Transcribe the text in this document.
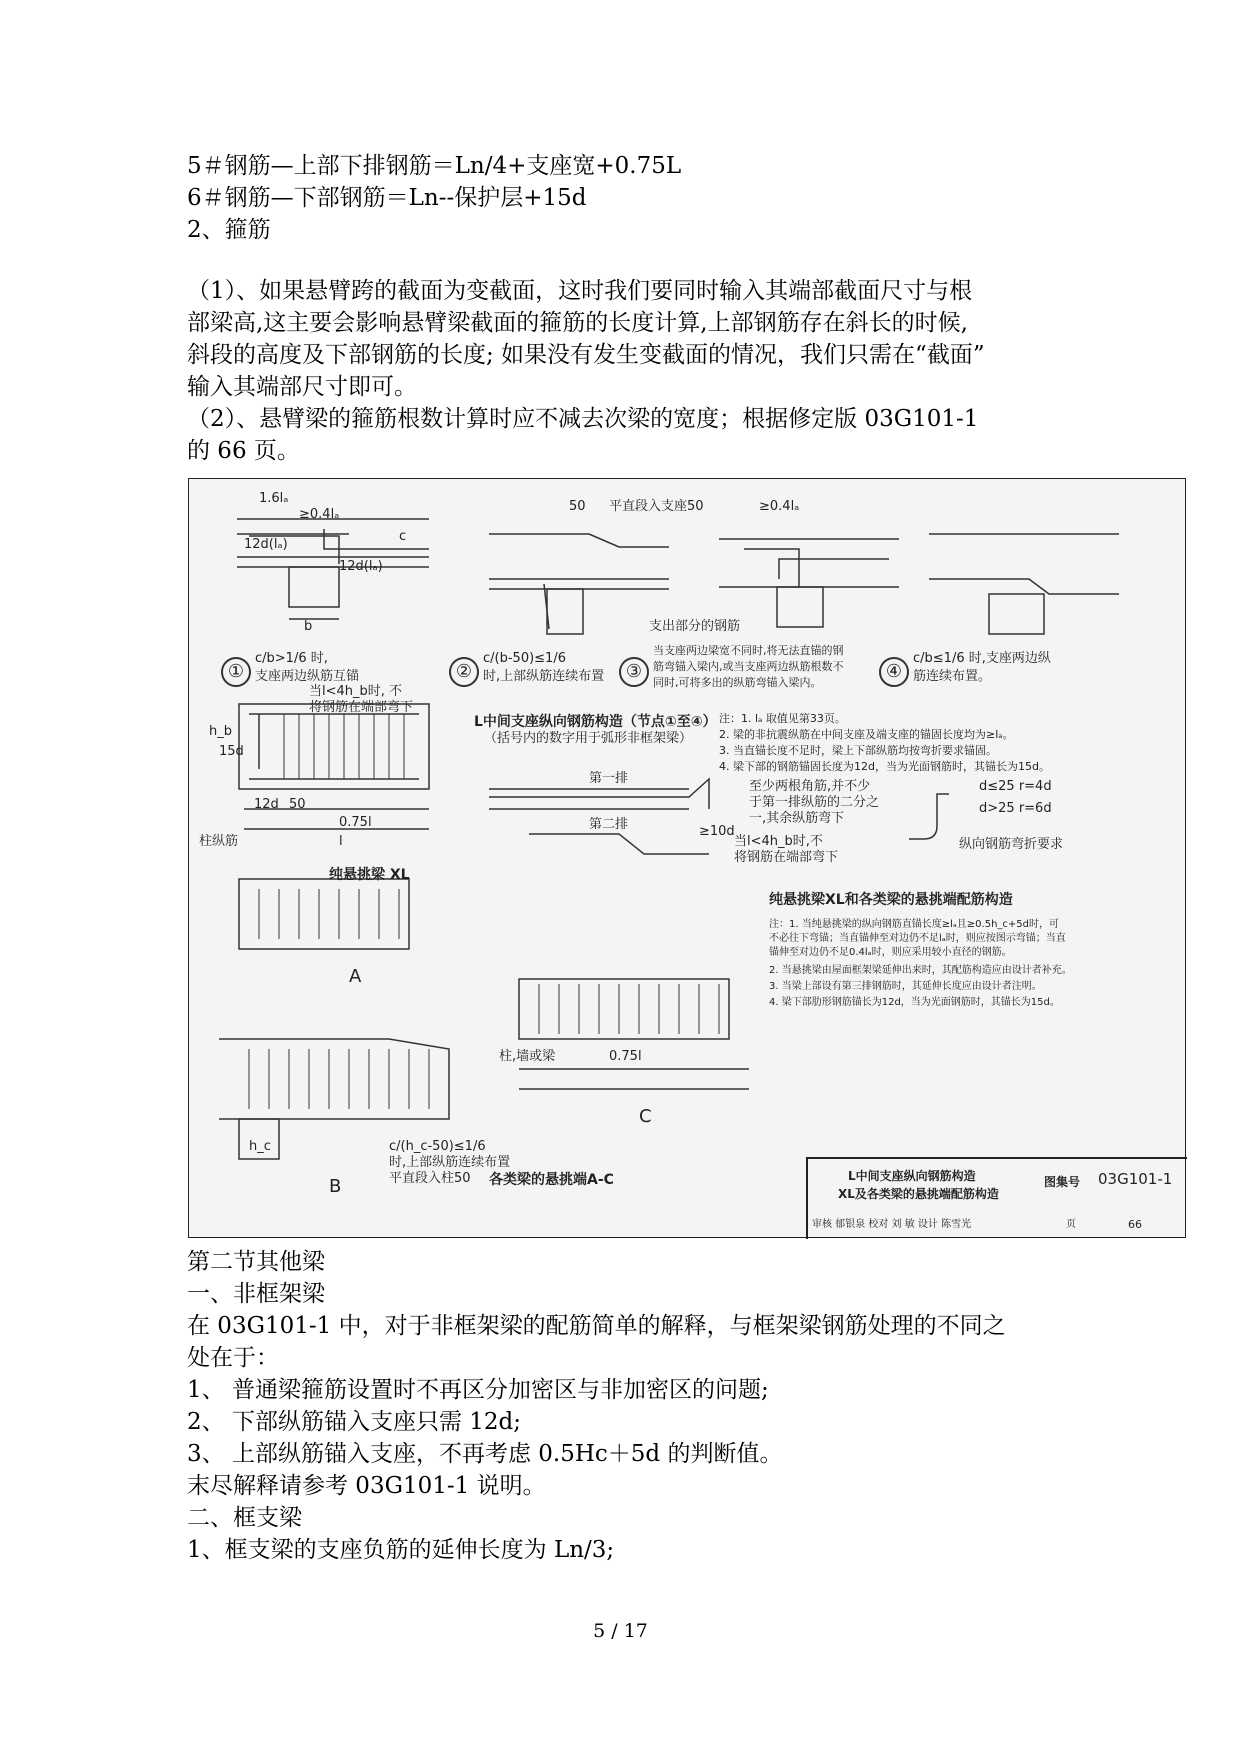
5＃钢筋—上部下排钢筋＝Ln/4+支座宽+0.75L
6＃钢筋—下部钢筋＝Ln--保护层+15d
2、箍筋
（1）、如果悬臂跨的截面为变截面，这时我们要同时输入其端部截面尺寸与根
部梁高,这主要会影响悬臂梁截面的箍筋的长度计算,上部钢筋存在斜长的时候,
斜段的高度及下部钢筋的长度; 如果没有发生变截面的情况，我们只需在“截面”
输入其端部尺寸即可。
（2）、悬臂梁的箍筋根数计算时应不减去次梁的宽度；根据修定版 03G101-1
的 66 页。
1.6lₐ
≥0.4lₐ
12d(lₐ)
12d(lₐ)
b
c
50 平直段入支座50	≥0.4lₐ
支出部分的钢筋
①
c/b>1/6 时,
支座两边纵筋互锚	②
c/(b-50)≤1/6
时,上部纵筋连续布置	③
当支座两边梁宽不同时,将无法直锚的钢
筋弯锚入梁内,或当支座两边纵筋根数不
同时,可将多出的纵筋弯锚入梁内。
④
c/b≤1/6 时,支座两边纵
筋连续布置。
L中间支座纵向钢筋构造（节点①至④）
（括号内的数字用于弧形非框架梁）
注：1. lₐ 取值见第33页。
2. 梁的非抗震纵筋在中间支座及端支座的锚固长度均为≥lₐ。
3. 当直锚长度不足时，梁上下部纵筋均按弯折要求锚固。
4. 梁下部的钢筋锚固长度为12d，当为光面钢筋时，其锚长为15d。
当l<4h_b时, 不
将钢筋在端部弯下
h_b
15d
12d 50
0.75l
l
柱纵筋
纯悬挑梁 XL
第一排
第二排	≥10d
至少两根角筋,并不少
于第一排纵筋的二分之
一,其余纵筋弯下
当l<4h_b时,不
将钢筋在端部弯下
d≤25 r=4d
d>25 r=6d
纵向钢筋弯折要求
纯悬挑梁XL和各类梁的悬挑端配筋构造
注：1. 当纯悬挑梁的纵向钢筋直锚长度≥lₐ且≥0.5h_c+5d时，可
不必往下弯锚；当直锚伸至对边仍不足lₐ时，则应按图示弯锚；当直
锚伸至对边仍不足0.4lₐ时，则应采用较小直径的钢筋。
2. 当悬挑梁由屋面框架梁延伸出来时，其配筋构造应由设计者补充。
3. 当梁上部设有第三排钢筋时，其延伸长度应由设计者注明。
4. 梁下部肋形钢筋锚长为12d，当为光面钢筋时，其锚长为15d。
A
B
C
c/(h_c-50)≤1/6
时,上部纵筋连续布置
平直段入柱50
h_c
柱,墙或梁	0.75l
各类梁的悬挑端A-C	L中间支座纵向钢筋构造
XL及各类梁的悬挑端配筋构造
图集号 03G101-1
审核 郁银泉 校对 刘 敏 设计 陈雪光	页	66
第二节其他梁
一、非框架梁
在 03G101-1 中，对于非框架梁的配筋简单的解释，与框架梁钢筋处理的不同之
处在于：
1、 普通梁箍筋设置时不再区分加密区与非加密区的问题;
2、 下部纵筋锚入支座只需 12d;
3、 上部纵筋锚入支座，不再考虑 0.5Hc＋5d 的判断值。
末尽解释请参考 03G101-1 说明。
二、框支梁
1、框支梁的支座负筋的延伸长度为 Ln/3;
5 / 17
